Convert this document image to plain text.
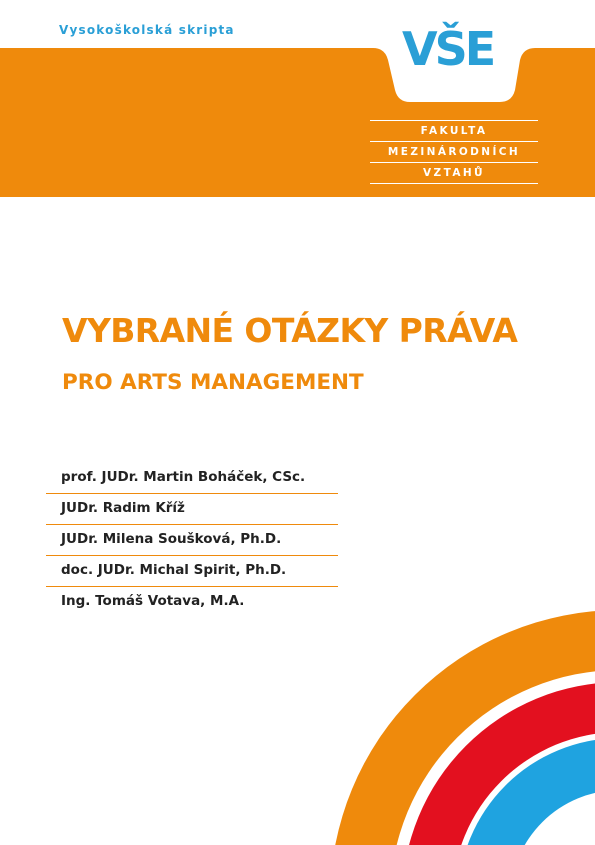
Vysokoškolská skripta	VŠE
FAKULTA
MEZINÁRODNÍCH
VZTAHŮ
VYBRANÉ OTÁZKY PRÁVA
PRO ARTS MANAGEMENT
prof. JUDr. Martin Boháček, CSc.
JUDr. Radim Kříž
JUDr. Milena Soušková, Ph.D.
doc. JUDr. Michal Spirit, Ph.D.
Ing. Tomáš Votava, M.A.
